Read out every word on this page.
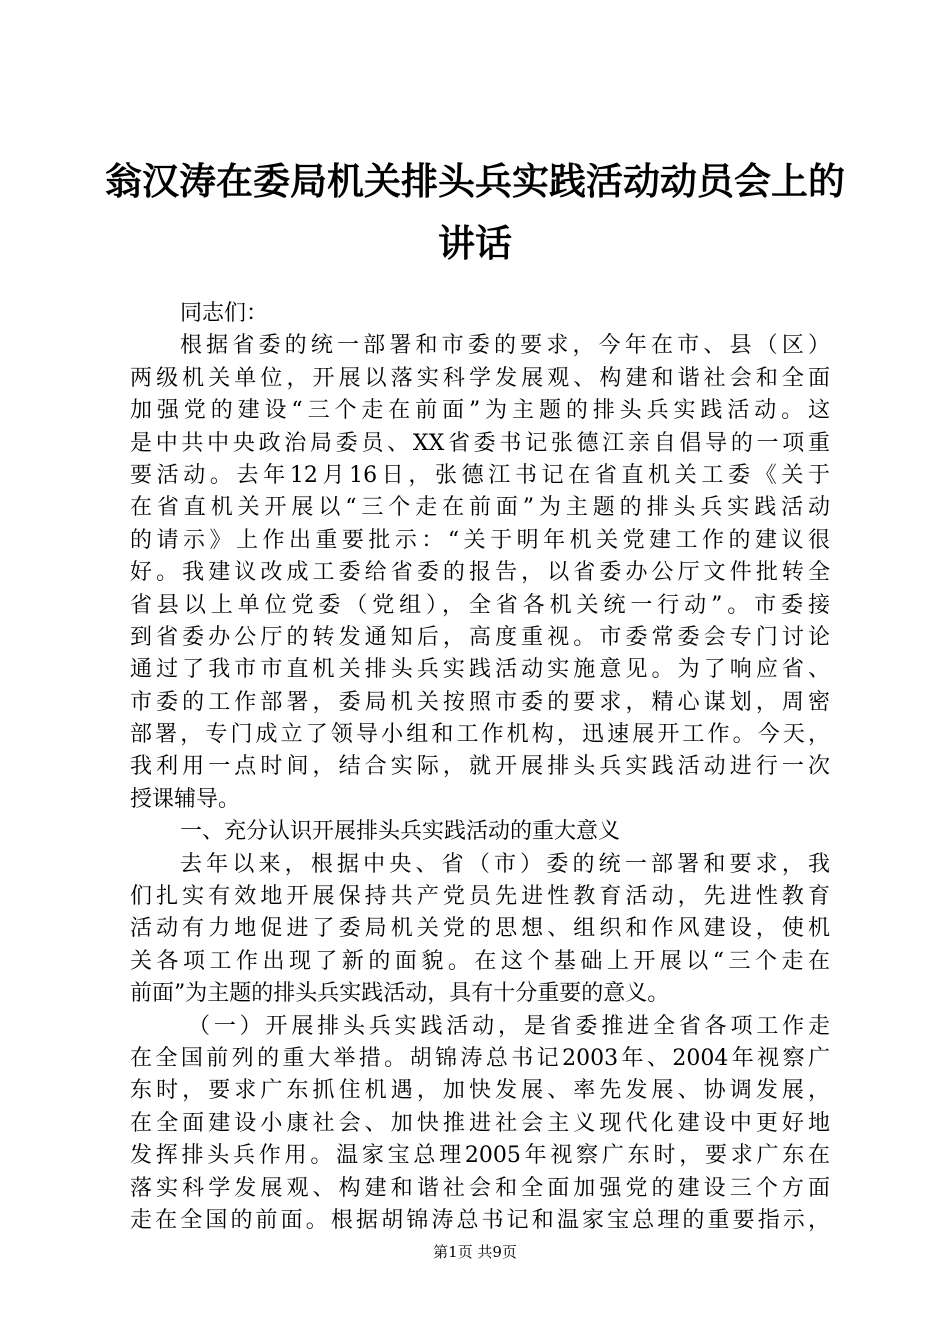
翁汉涛在委局机关排头兵实践活动动员会上的
讲话
同志们：
根据省委的统一部署和市委的要求，今年在市、县（区）
两级机关单位，开展以落实科学发展观、构建和谐社会和全面
加强党的建设“三个走在前面”为主题的排头兵实践活动。这
是中共中央政治局委员、XX省委书记张德江亲自倡导的一项重
要活动。去年12月16日，张德江书记在省直机关工委《关于
在省直机关开展以“三个走在前面”为主题的排头兵实践活动
的请示》上作出重要批示：“关于明年机关党建工作的建议很
好。我建议改成工委给省委的报告，以省委办公厅文件批转全
省县以上单位党委（党组），全省各机关统一行动”。市委接
到省委办公厅的转发通知后，高度重视。市委常委会专门讨论
通过了我市市直机关排头兵实践活动实施意见。为了响应省、
市委的工作部署，委局机关按照市委的要求，精心谋划，周密
部署，专门成立了领导小组和工作机构，迅速展开工作。今天，
我利用一点时间，结合实际，就开展排头兵实践活动进行一次
授课辅导。
一、充分认识开展排头兵实践活动的重大意义
去年以来，根据中央、省（市）委的统一部署和要求，我
们扎实有效地开展保持共产党员先进性教育活动，先进性教育
活动有力地促进了委局机关党的思想、组织和作风建设，使机
关各项工作出现了新的面貌。在这个基础上开展以“三个走在
前面”为主题的排头兵实践活动，具有十分重要的意义。
（一）开展排头兵实践活动，是省委推进全省各项工作走
在全国前列的重大举措。胡锦涛总书记2003年、2004年视察广
东时，要求广东抓住机遇，加快发展、率先发展、协调发展，
在全面建设小康社会、加快推进社会主义现代化建设中更好地
发挥排头兵作用。温家宝总理2005年视察广东时，要求广东在
落实科学发展观、构建和谐社会和全面加强党的建设三个方面
走在全国的前面。根据胡锦涛总书记和温家宝总理的重要指示，
第1页 共9页
